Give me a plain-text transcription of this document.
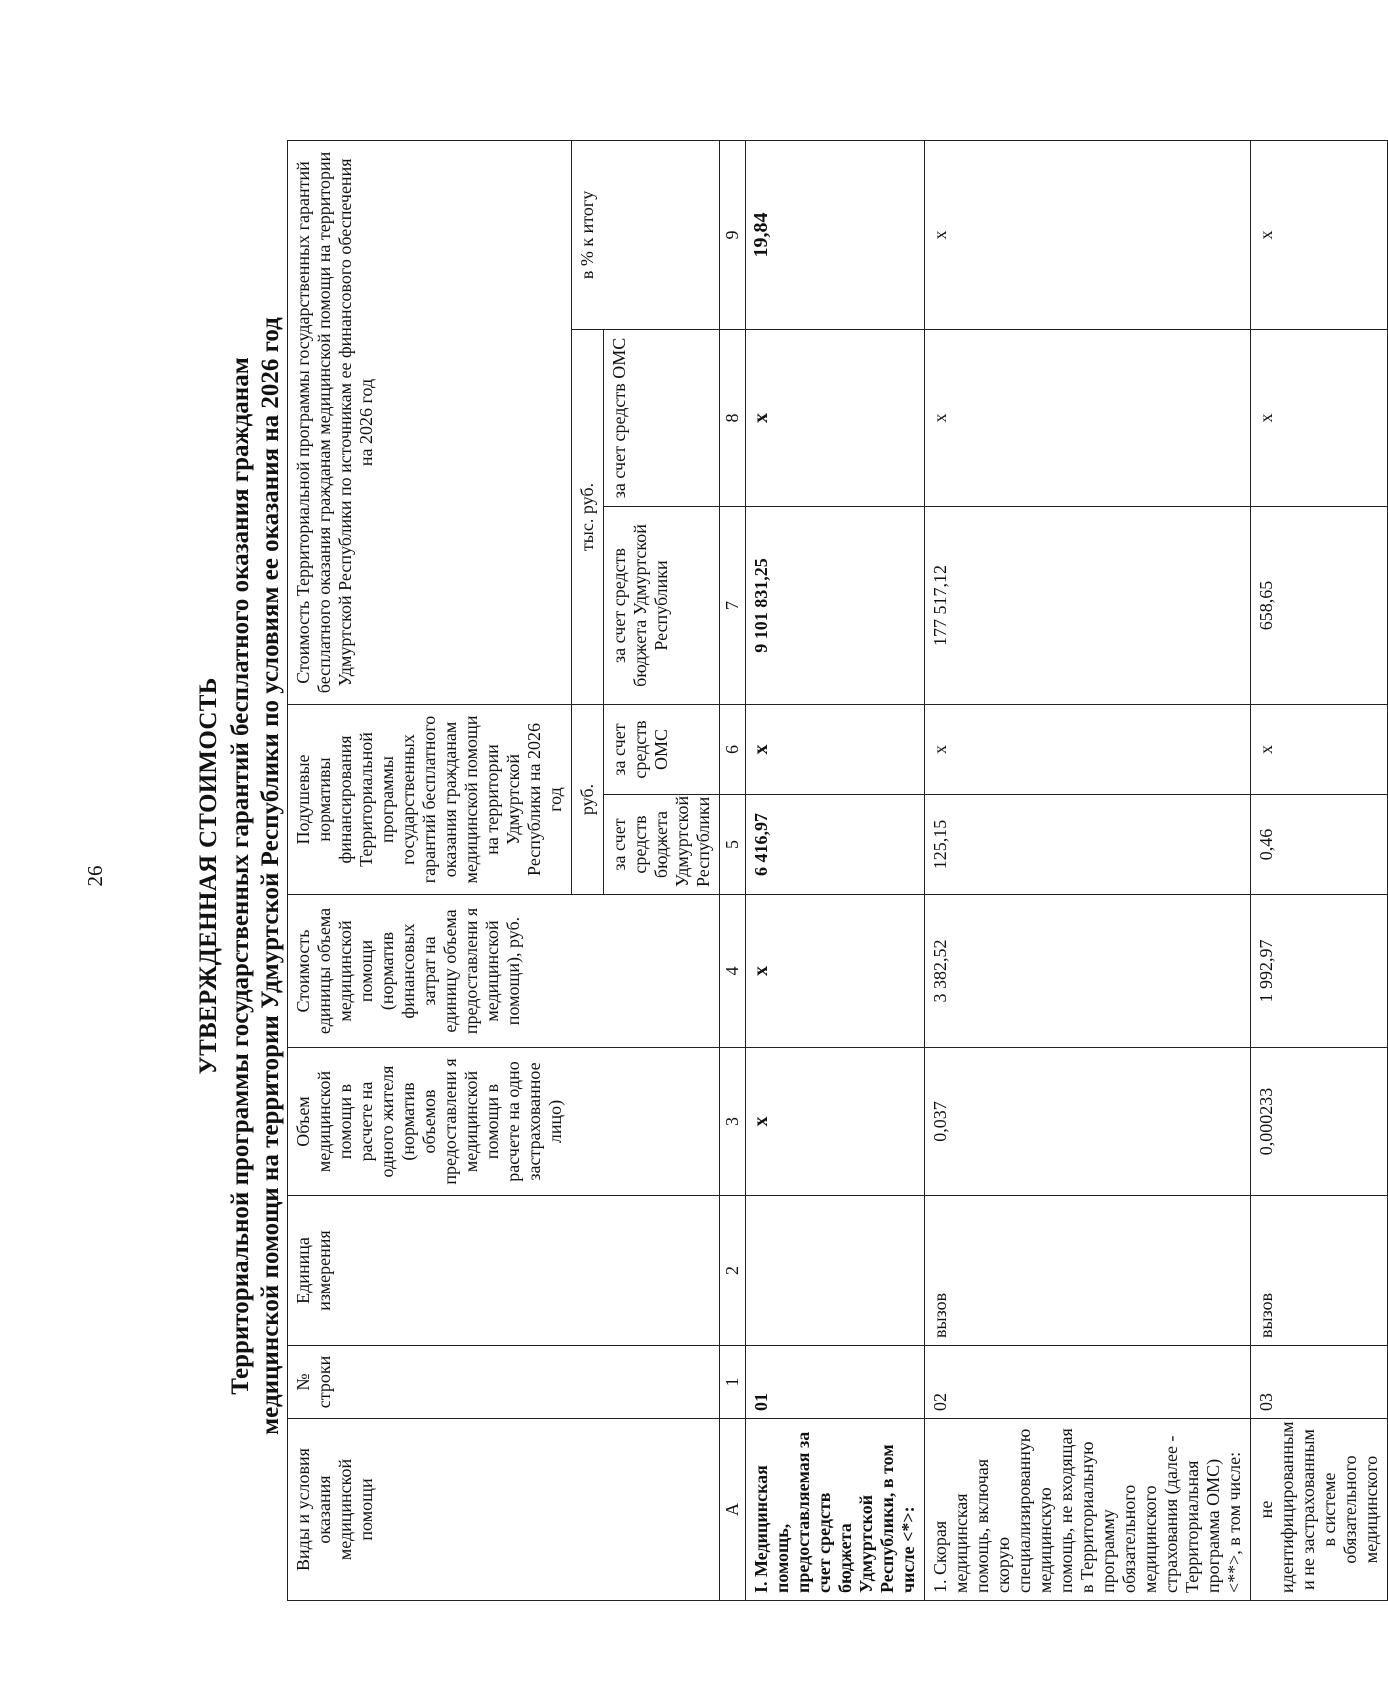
26	УТВЕРЖДЕННАЯ СТОИМОСТЬ Территориальной программы государственных гарантий бесплатного оказания гражданам медицинской помощи на территории Удмуртской Республики по условиям ее оказания на 2026 год
Виды и условия оказания медицинской помощи	№ строки	Единица измерения	Объем медицинской помощи в расчете на одного жителя (норматив объемов предоставлени я медицинской помощи в расчете на одно застрахованное лицо)	Стоимость единицы объема медицинской помощи (норматив финансовых затрат на единицу объема предоставлени я медицинской помощи), руб.	Подушевые нормативы финансирования Территориальной программы государственных гарантий бесплатного оказания гражданам медицинской помощи на территории Удмуртской Республики на 2026 год		Стоимость Территориальной программы государственных гарантий бесплатного оказания гражданам медицинской помощи на территории Удмуртской Республики по источникам ее финансового обеспечения на 2026 год		
					руб.		тыс. руб.		в % к итогу
					за счет средств бюджета Удмуртской Республики	за счет средств ОМС	за счет средств бюджета Удмуртской Республики	за счет средств ОМС	
А	1	2	3	4	5	6	7	8	9
I. Медицинская помощь, предоставляемая за счет средств бюджета Удмуртской Республики, в том числе <*>:	01		x	x	6 416,97	x	9 101 831,25	x	19,84
1. Скорая медицинская помощь, включая скорую специализированную медицинскую помощь, не входящая в Территориальную программу обязательного медицинского страхования (далее - Территориальная программа ОМС) <**>, в том числе:	02	вызов	0,037	3 382,52	125,15	x	177 517,12	x	x
не идентифицированным и не застрахованным в системе обязательного медицинского	03	вызов	0,000233	1 992,97	0,46	x	658,65	x	x
